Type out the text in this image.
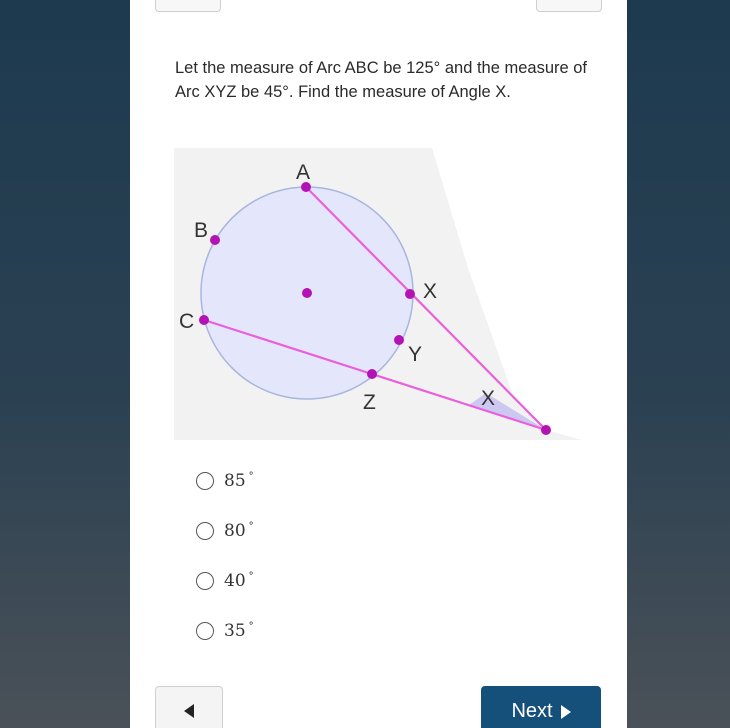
Let the measure of Arc ABC be 125° and the measure of Arc XYZ be 45°. Find the measure of Angle X.
A
B
C
X
Y
Z	X
85 °
80 °
40 °
35 °
Next
